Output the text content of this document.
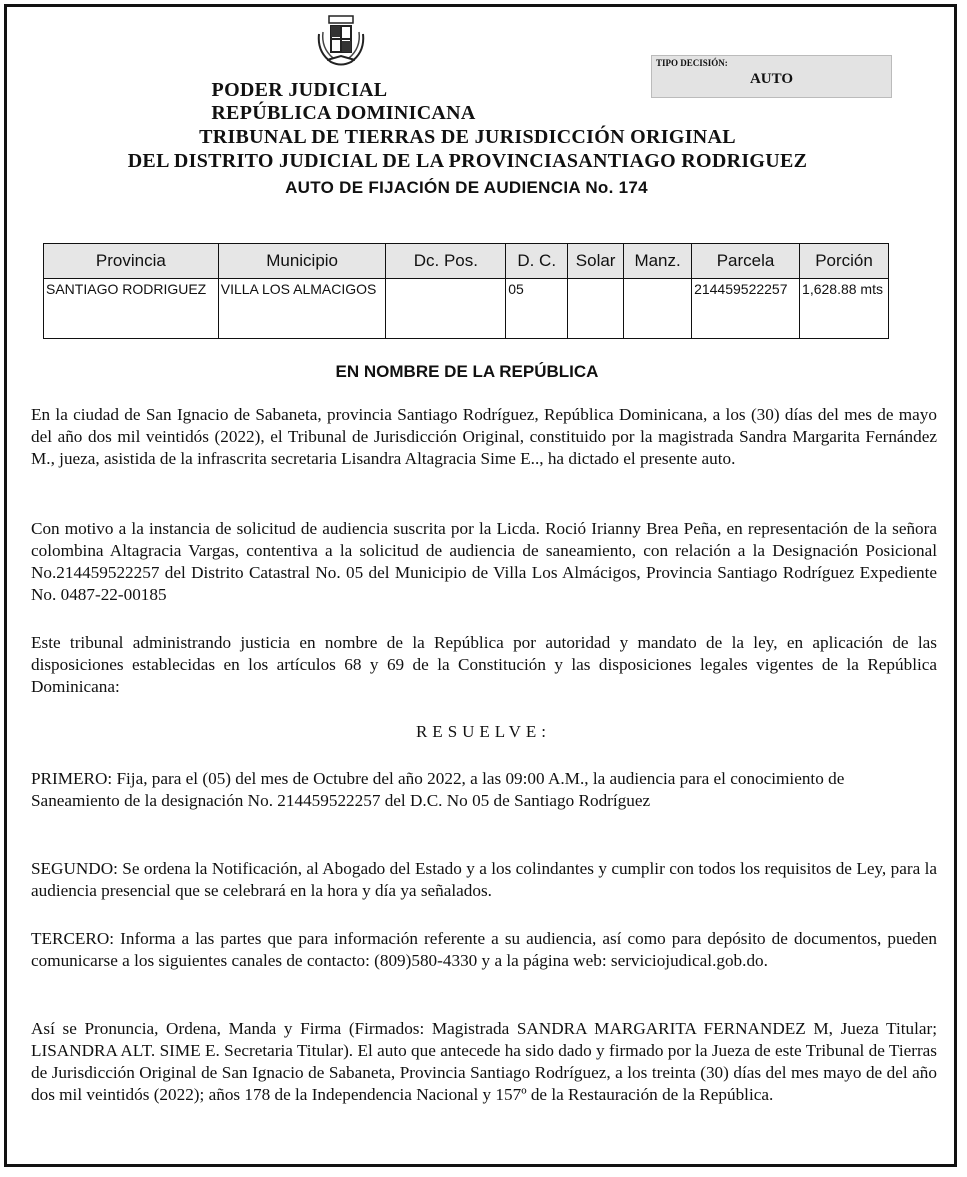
TIPO DECISIÓN:
AUTO
PODER JUDICIAL
REPÚBLICA DOMINICANA
TRIBUNAL DE TIERRAS DE JURISDICCIÓN ORIGINAL
DEL DISTRITO JUDICIAL DE LA PROVINCIASANTIAGO RODRIGUEZ
AUTO DE FIJACIÓN DE AUDIENCIA No. 174
Provincia	Municipio	Dc. Pos.	D. C.	Solar	Manz.	Parcela	Porción
SANTIAGO RODRIGUEZ	VILLA LOS ALMACIGOS		05			214459522257	1,628.88 mts
EN NOMBRE DE LA REPÚBLICA
En la ciudad de San Ignacio de Sabaneta, provincia Santiago Rodríguez, República Dominicana, a los (30) días del mes de mayo del año dos mil veintidós (2022), el Tribunal de Jurisdicción Original, constituido por la magistrada Sandra Margarita Fernández M., jueza, asistida de la infrascrita secretaria Lisandra Altagracia Sime E.., ha dictado el presente auto.
Con motivo a la instancia de solicitud de audiencia suscrita por la Licda. Roció Irianny Brea Peña, en representación de la señora colombina Altagracia Vargas, contentiva a la solicitud de audiencia de saneamiento, con relación a la Designación Posicional No.214459522257 del Distrito Catastral No. 05 del Municipio de Villa Los Almácigos, Provincia Santiago Rodríguez Expediente No. 0487-22-00185
Este tribunal administrando justicia en nombre de la República por autoridad y mandato de la ley, en aplicación de las disposiciones establecidas en los artículos 68 y 69 de la Constitución y las disposiciones legales vigentes de la República Dominicana:
RESUELVE:
PRIMERO: Fija, para el (05) del mes de Octubre del año 2022, a las 09:00 A.M., la audiencia para el conocimiento de Saneamiento de la designación No. 214459522257 del D.C. No 05 de Santiago Rodríguez
SEGUNDO: Se ordena la Notificación, al Abogado del Estado y a los colindantes y cumplir con todos los requisitos de Ley, para la audiencia presencial que se celebrará en la hora y día ya señalados.
TERCERO: Informa a las partes que para información referente a su audiencia, así como para depósito de documentos, pueden comunicarse a los siguientes canales de contacto: (809)580-4330 y a la página web: serviciojudical.gob.do.
Así se Pronuncia, Ordena, Manda y Firma (Firmados: Magistrada SANDRA MARGARITA FERNANDEZ M, Jueza Titular; LISANDRA ALT. SIME E. Secretaria Titular). El auto que antecede ha sido dado y firmado por la Jueza de este Tribunal de Tierras de Jurisdicción Original de San Ignacio de Sabaneta, Provincia Santiago Rodríguez, a los treinta (30) días del mes mayo de del año dos mil veintidós (2022); años 178 de la Independencia Nacional y 157º de la Restauración de la República.
